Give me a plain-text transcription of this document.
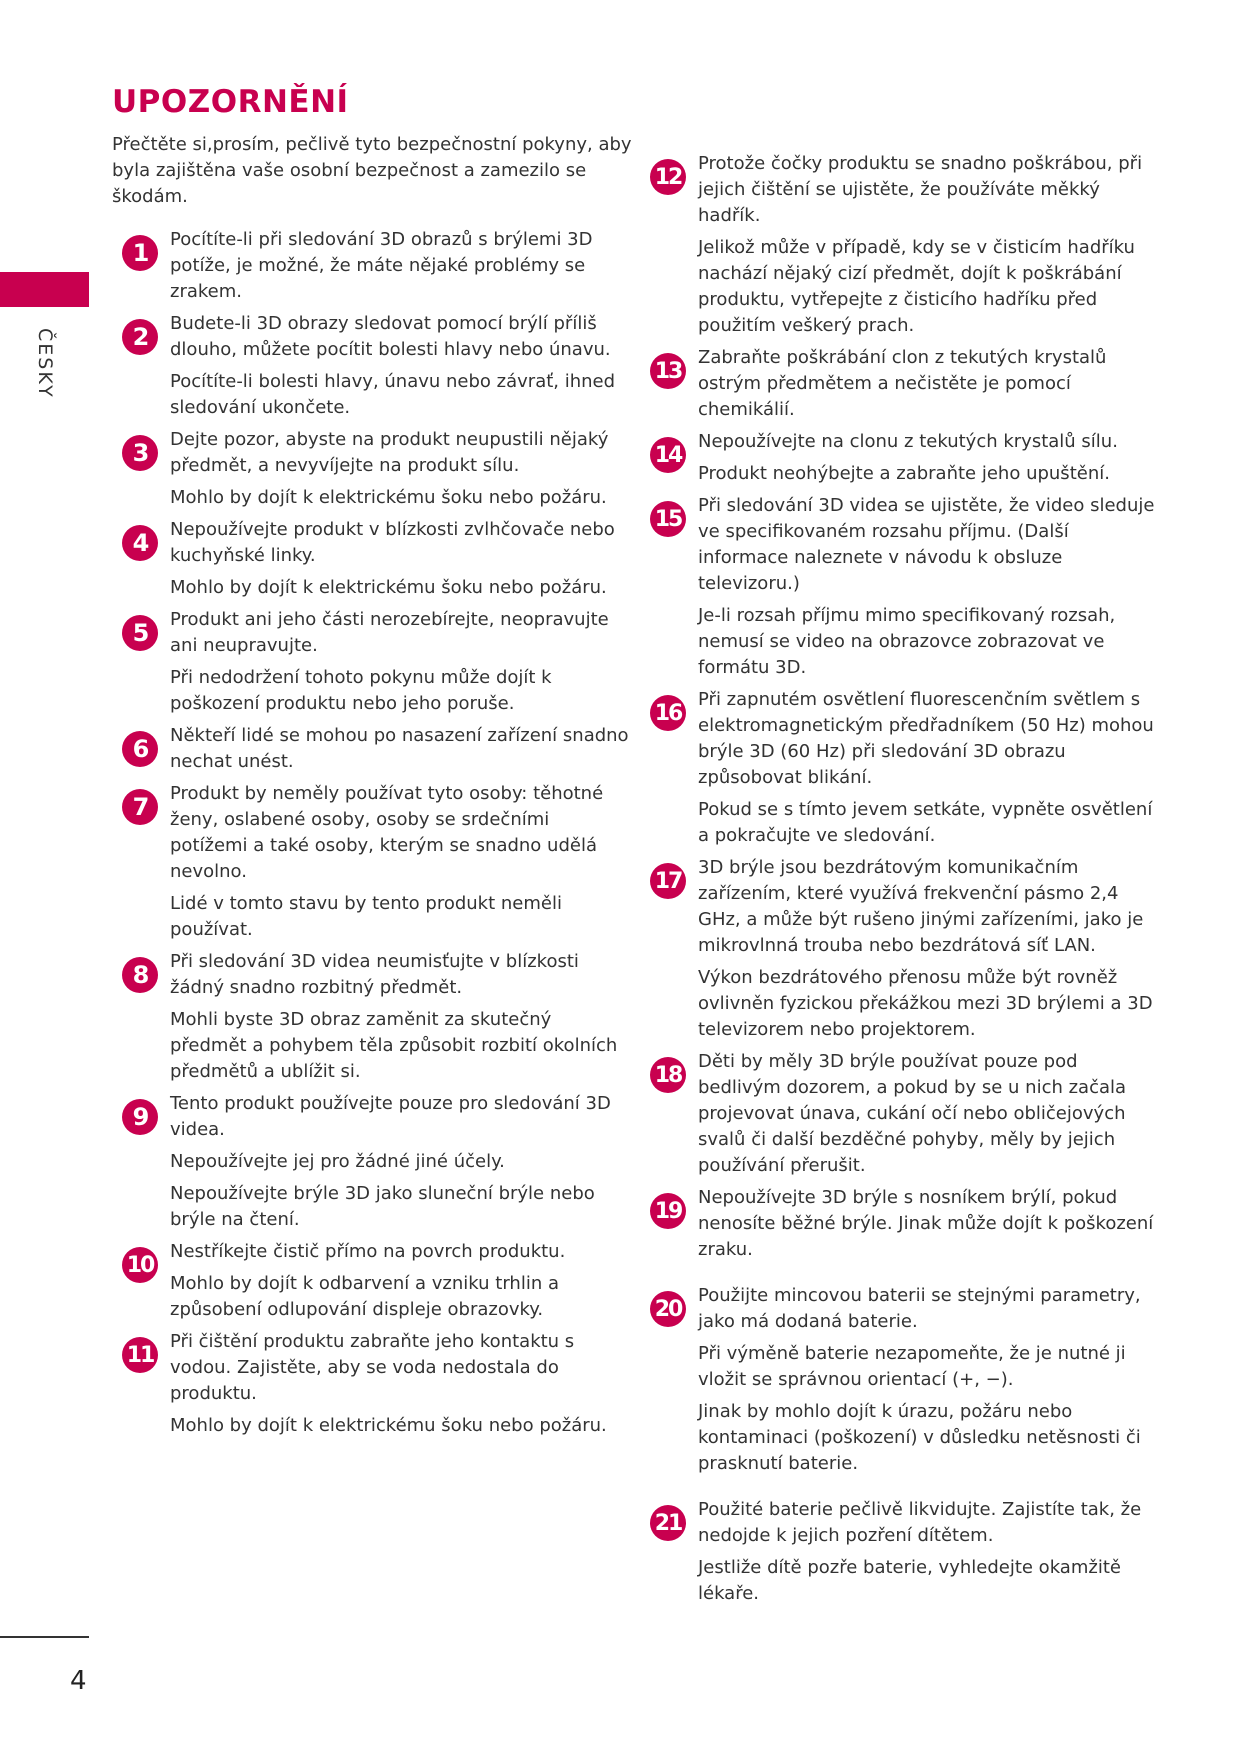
ČESKY
4
UPOZORNĚNÍ

Přečtěte si,prosím, pečlivě tyto bezpečnostní pokyny, aby byla zajištěna vaše osobní bezpečnost a zamezilo se škodám.

1	Pocítíte-li při sledování 3D obrazů s brýlemi 3D potíže, je možné, že máte nějaké problémy se zrakem.

2	Budete-li 3D obrazy sledovat pomocí brýlí příliš dlouho, můžete pocítit bolesti hlavy nebo únavu.

Pocítíte-li bolesti hlavy, únavu nebo závrať, ihned sledování ukončete.

3	Dejte pozor, abyste na produkt neupustili nějaký předmět, a nevyvíjejte na produkt sílu.

Mohlo by dojít k elektrickému šoku nebo požáru.

4	Nepoužívejte produkt v blízkosti zvlhčovače nebo kuchyňské linky.

Mohlo by dojít k elektrickému šoku nebo požáru.

5	Produkt ani jeho části nerozebírejte, neopravujte ani neupravujte.

Při nedodržení tohoto pokynu může dojít k poškození produktu nebo jeho poruše.

6	Někteří lidé se mohou po nasazení zařízení snadno nechat unést.

7	Produkt by neměly používat tyto osoby: těhotné ženy, oslabené osoby, osoby se srdečními potížemi a také osoby, kterým se snadno udělá nevolno.

Lidé v tomto stavu by tento produkt neměli používat.

8	Při sledování 3D videa neumisťujte v blízkosti žádný snadno rozbitný předmět.

Mohli byste 3D obraz zaměnit za skutečný předmět a pohybem těla způsobit rozbití okolních předmětů a ublížit si.

9	Tento produkt používejte pouze pro sledování 3D videa.

Nepoužívejte jej pro žádné jiné účely.

Nepoužívejte brýle 3D jako sluneční brýle nebo brýle na čtení.

10

Nestříkejte čistič přímo na povrch produktu.

Mohlo by dojít k odbarvení a vzniku trhlin a způsobení odlupování displeje obrazovky.

11

Při čištění produktu zabraňte jeho kontaktu s vodou. Zajistěte, aby se voda nedostala do produktu.

Mohlo by dojít k elektrickému šoku nebo požáru.

12

Protože čočky produktu se snadno poškrábou, při jejich čištění se ujistěte, že používáte měkký hadřík.

Jelikož může v případě, kdy se v čisticím hadříku nachází nějaký cizí předmět, dojít k poškrábání produktu, vytřepejte z čisticího hadříku před použitím veškerý prach.

13

Zabraňte poškrábání clon z tekutých krystalů ostrým předmětem a nečistěte je pomocí chemikálií.

14

Nepoužívejte na clonu z tekutých krystalů sílu.

Produkt neohýbejte a zabraňte jeho upuštění.

15

Při sledování 3D videa se ujistěte, že video sleduje ve specifikovaném rozsahu příjmu. (Další informace naleznete v návodu k obsluze televizoru.)

Je-li rozsah příjmu mimo specifikovaný rozsah, nemusí se video na obrazovce zobrazovat ve formátu 3D.

16

Při zapnutém osvětlení fluorescenčním světlem s elektromagnetickým předřadníkem (50 Hz) mohou brýle 3D (60 Hz) při sledování 3D obrazu způsobovat blikání.

Pokud se s tímto jevem setkáte, vypněte osvětlení a pokračujte ve sledování.

17

3D brýle jsou bezdrátovým komunikačním zařízením, které využívá frekvenční pásmo 2,4 GHz, a může být rušeno jinými zařízeními, jako je mikrovlnná trouba nebo bezdrátová síť LAN.

Výkon bezdrátového přenosu může být rovněž ovlivněn fyzickou překážkou mezi 3D brýlemi a 3D televizorem nebo projektorem.

18

Děti by měly 3D brýle používat pouze pod bedlivým dozorem, a pokud by se u nich začala projevovat únava, cukání očí nebo obličejových svalů či další bezděčné pohyby, měly by jejich používání přerušit.

19

Nepoužívejte 3D brýle s nosníkem brýlí, pokud nenosíte běžné brýle. Jinak může dojít k poškození zraku.

20

Použijte mincovou baterii se stejnými parametry, jako má dodaná baterie.

Při výměně baterie nezapomeňte, že je nutné ji vložit se správnou orientací (+, −).

Jinak by mohlo dojít k úrazu, požáru nebo kontaminaci (poškození) v důsledku netěsnosti či prasknutí baterie.

21

Použité baterie pečlivě likvidujte. Zajistíte tak, že nedojde k jejich pozření dítětem.

Jestliže dítě pozře baterie, vyhledejte okamžitě lékaře.
